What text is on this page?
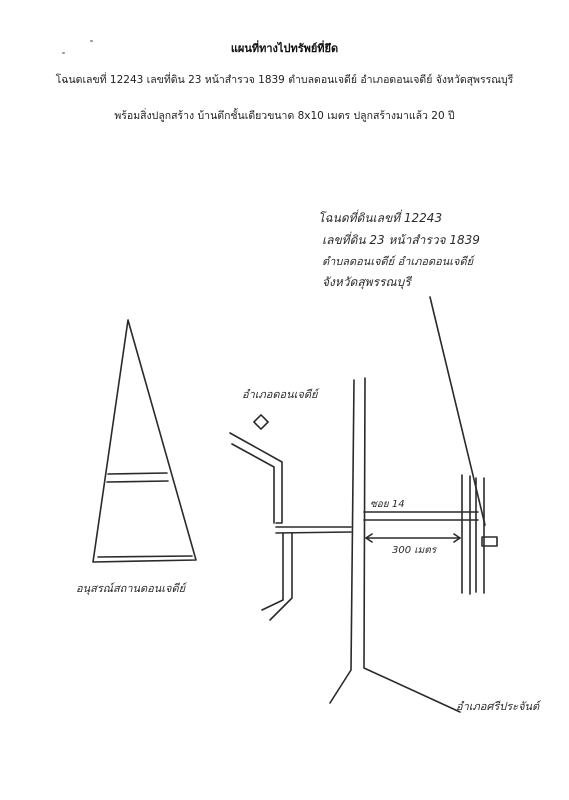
แผนที่ทางไปทรัพย์ที่ยึด
โฉนดเลขที่ 12243 เลขที่ดิน 23 หน้าสำรวจ 1839 ตำบลดอนเจดีย์ อำเภอดอนเจดีย์ จังหวัดสุพรรณบุรี
พร้อมสิ่งปลูกสร้าง บ้านตึกชั้นเดียวขนาด 8x10 เมตร ปลูกสร้างมาแล้ว 20 ปี
โฉนดที่ดินเลขที่ 12243
เลขที่ดิน 23 หน้าสำรวจ 1839
ตำบลดอนเจดีย์ อำเภอดอนเจดีย์
จังหวัดสุพรรณบุรี
อำเภอดอนเจดีย์
ซอย 14
300 เมตร
อนุสรณ์สถานดอนเจดีย์
อำเภอศรีประจันต์
